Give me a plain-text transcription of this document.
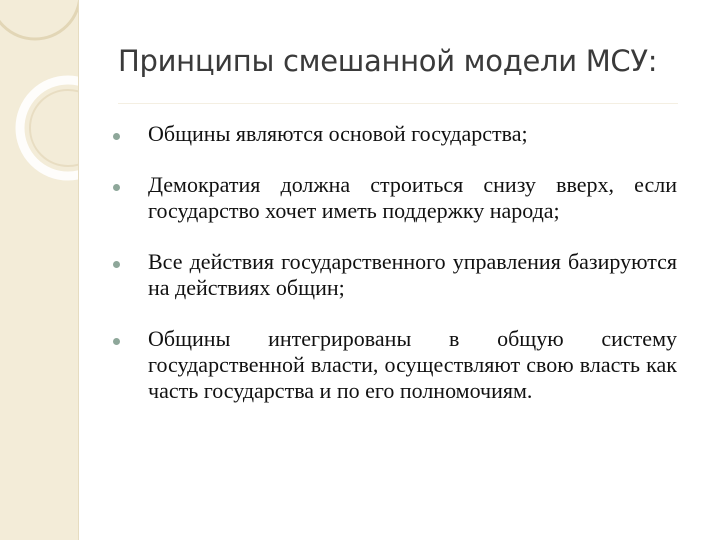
Принципы смешанной модели МСУ:
Общины являются основой государства;
Демократия должна строиться снизу вверх, если государство хочет иметь поддержку народа;
Все действия государственного управления базируются на действиях общин;
Общины интегрированы в общую систему государственной власти, осуществляют свою власть как часть государства и по его полномочиям.
